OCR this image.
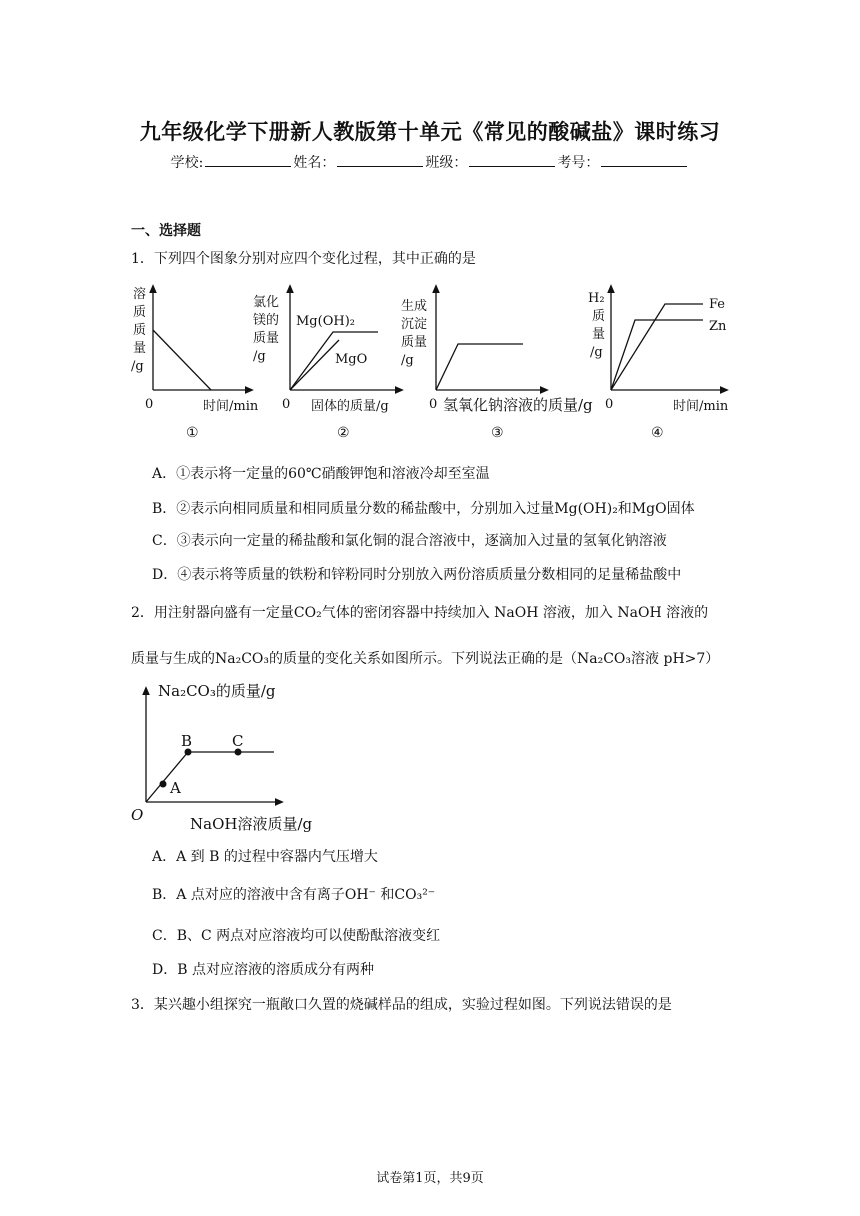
九年级化学下册新人教版第十单元《常见的酸碱盐》课时练习
学校:	姓名：	班级：	考号：
一、选择题
1．下列四个图象分别对应四个变化过程，其中正确的是
溶
质
质
量
/g
0	时间/min
①
氯化
镁的
质量
/g
Mg(OH)₂
MgO
0 固体的质量/g
②
生成
沉淀
质量
/g
0 氢氧化钠溶液的质量/g
③
H₂
质
量
/g
Fe
Zn
0	时间/min
④
A．①表示将一定量的60℃硝酸钾饱和溶液冷却至室温
B．②表示向相同质量和相同质量分数的稀盐酸中，分别加入过量Mg(OH)₂和MgO固体
C．③表示向一定量的稀盐酸和氯化铜的混合溶液中，逐滴加入过量的氢氧化钠溶液
D．④表示将等质量的铁粉和锌粉同时分别放入两份溶质质量分数相同的足量稀盐酸中
2．用注射器向盛有一定量CO₂气体的密闭容器中持续加入 NaOH 溶液，加入 NaOH 溶液的
质量与生成的Na₂CO₃的质量的变化关系如图所示。下列说法正确的是（Na₂CO₃溶液 pH>7）
A
B	C
Na₂CO₃的质量/g
O	NaOH溶液质量/g
A．A 到 B 的过程中容器内气压增大
B．A 点对应的溶液中含有离子OH⁻ 和CO₃²⁻
C．B、C 两点对应溶液均可以使酚酞溶液变红
D．B 点对应溶液的溶质成分有两种
3．某兴趣小组探究一瓶敞口久置的烧碱样品的组成，实验过程如图。下列说法错误的是
试卷第1页，共9页
